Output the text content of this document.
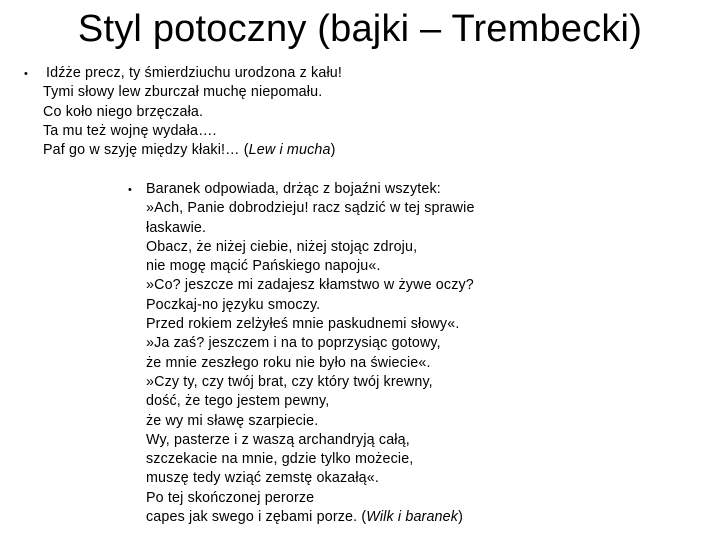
Styl potoczny (bajki – Trembecki)
• Idźże precz, ty śmierdziuchu urodzona z kału!
Tymi słowy lew zburczał muchę niepomału.
Co koło niego brzęczała.
Ta mu też wojnę wydała….
Paf go w szyję między kłaki!… (Lew i mucha)
• Baranek odpowiada, drżąc z bojaźni wszytek:
»Ach, Panie dobrodzieju! racz sądzić w tej sprawie
łaskawie.
Obacz, że niżej ciebie, niżej stojąc zdroju,
nie mogę mącić Pańskiego napoju«.
»Co? jeszcze mi zadajesz kłamstwo w żywe oczy?
Poczkaj-no języku smoczy.
Przed rokiem zelżyłeś mnie paskudnemi słowy«.
»Ja zaś? jeszczem i na to poprzysiąc gotowy,
że mnie zeszłego roku nie było na świecie«.
»Czy ty, czy twój brat, czy który twój krewny,
dość, że tego jestem pewny,
że wy mi sławę szarpiecie.
Wy, pasterze i z waszą archandryją całą,
szczekacie na mnie, gdzie tylko możecie,
muszę tedy wziąć zemstę okazałą«.
Po tej skończonej perorze
capes jak swego i zębami porze. (Wilk i baranek)
